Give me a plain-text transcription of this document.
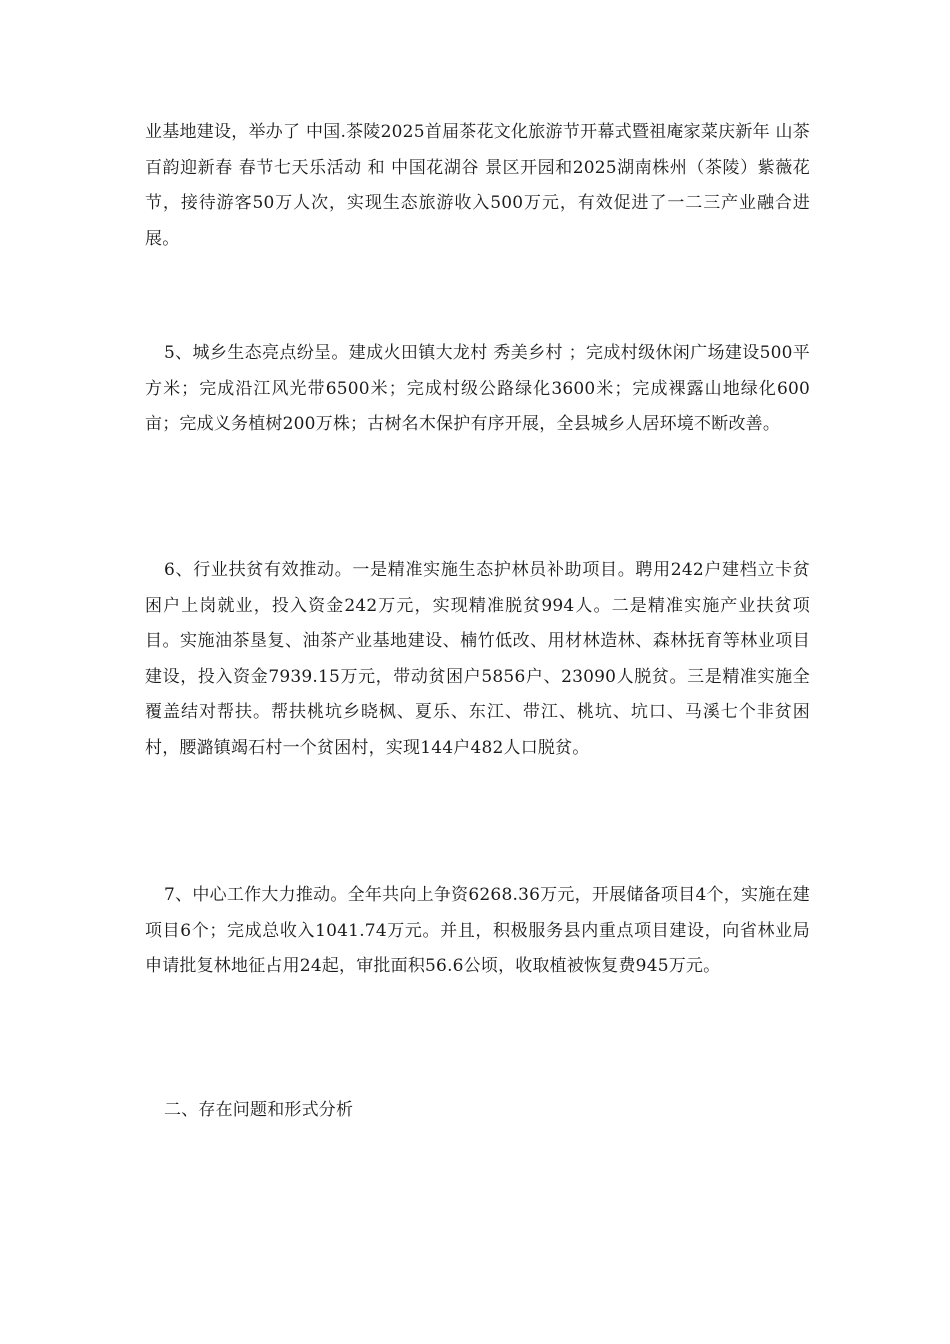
业基地建设，举办了 中国.茶陵2025首届茶花文化旅游节开幕式暨祖庵家菜庆新年 山茶百韵迎新春 春节七天乐活动 和 中国花湖谷 景区开园和2025湖南株州（茶陵）紫薇花节，接待游客50万人次，实现生态旅游收入500万元，有效促进了一二三产业融合进展。

5、城乡生态亮点纷呈。建成火田镇大龙村 秀美乡村 ；完成村级休闲广场建设500平方米；完成沿江风光带6500米；完成村级公路绿化3600米；完成裸露山地绿化600亩；完成义务植树200万株；古树名木保护有序开展，全县城乡人居环境不断改善。

6、行业扶贫有效推动。一是精准实施生态护林员补助项目。聘用242户建档立卡贫困户上岗就业，投入资金242万元，实现精准脱贫994人。二是精准实施产业扶贫项目。实施油茶垦复、油茶产业基地建设、楠竹低改、用材林造林、森林抚育等林业项目建设，投入资金7939.15万元，带动贫困户5856户、23090人脱贫。三是精准实施全覆盖结对帮扶。帮扶桃坑乡晓枫、夏乐、东江、带江、桃坑、坑口、马溪七个非贫困村，腰潞镇竭石村一个贫困村，实现144户482人口脱贫。

7、中心工作大力推动。全年共向上争资6268.36万元，开展储备项目4个，实施在建项目6个；完成总收入1041.74万元。并且，积极服务县内重点项目建设，向省林业局申请批复林地征占用24起，审批面积56.6公顷，收取植被恢复费945万元。

二、存在问题和形式分析
